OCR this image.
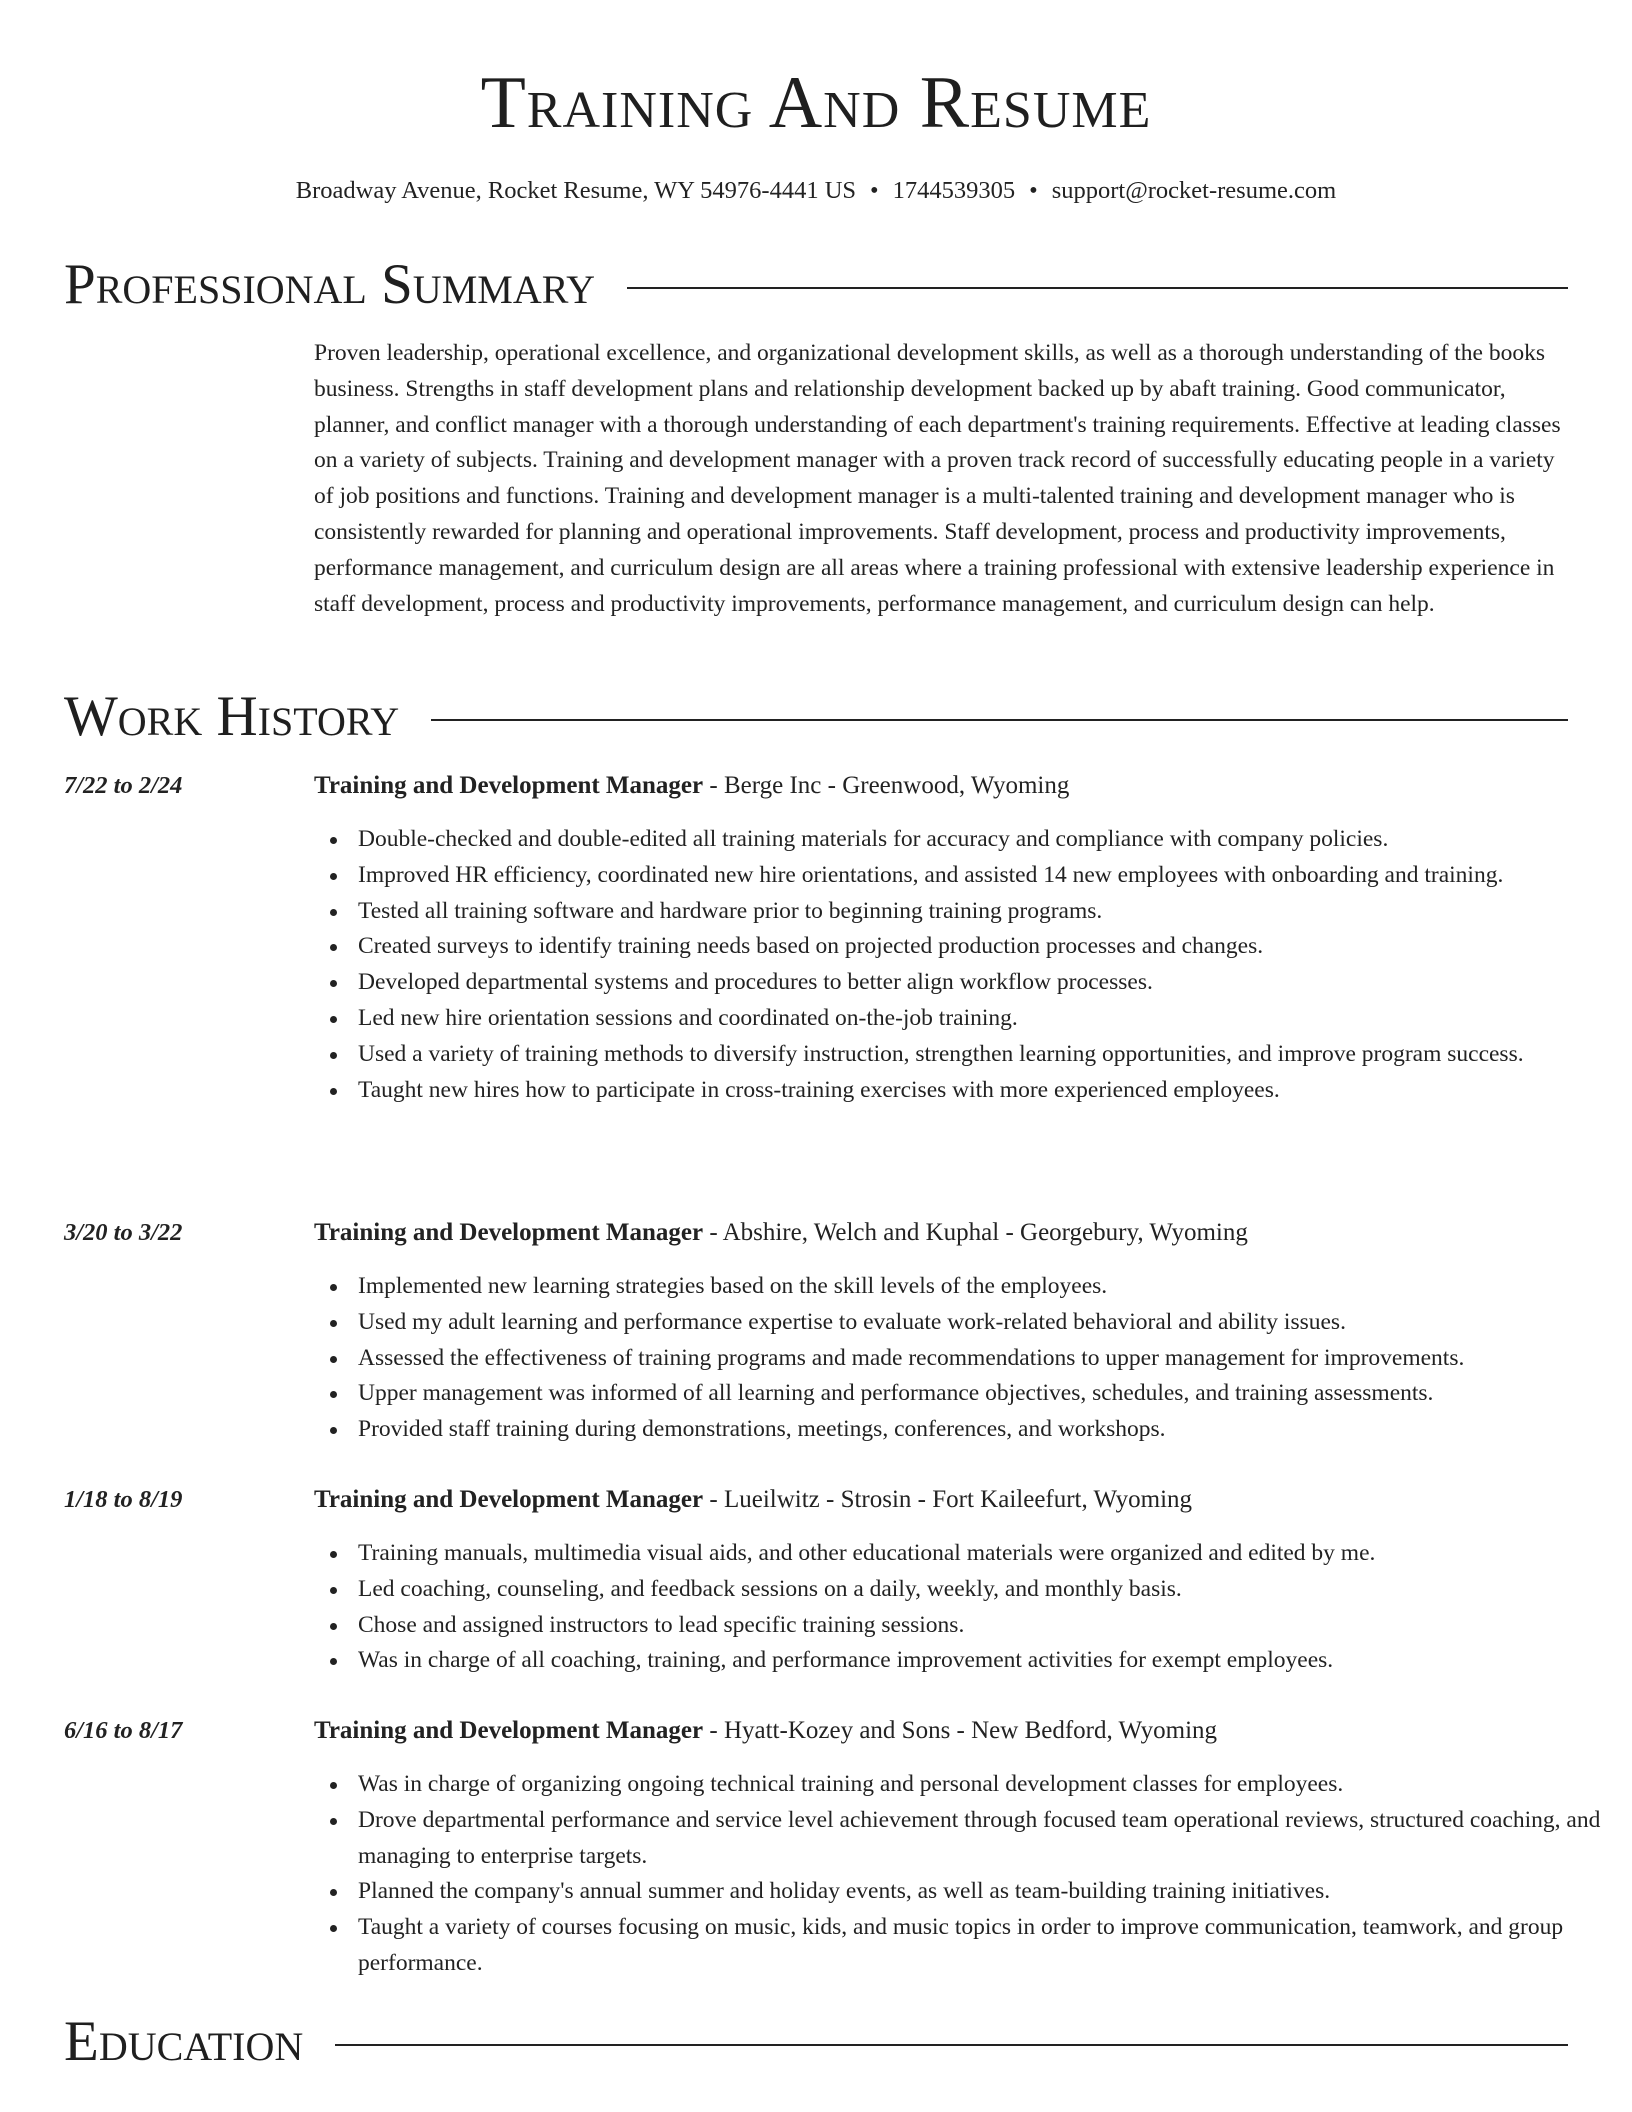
Training And Resume
Broadway Avenue, Rocket Resume, WY 54976-4441 US • 1744539305 • support@rocket-resume.com
Professional Summary
Proven leadership, operational excellence, and organizational development skills, as well as a thorough understanding of the books business. Strengths in staff development plans and relationship development backed up by abaft training. Good communicator, planner, and conflict manager with a thorough understanding of each department's training requirements. Effective at leading classes on a variety of subjects. Training and development manager with a proven track record of successfully educating people in a variety of job positions and functions. Training and development manager is a multi-talented training and development manager who is consistently rewarded for planning and operational improvements. Staff development, process and productivity improvements, performance management, and curriculum design are all areas where a training professional with extensive leadership experience in staff development, process and productivity improvements, performance management, and curriculum design can help.
Work History
7/22 to 2/24	Training and Development Manager - Berge Inc - Greenwood, Wyoming
Double-checked and double-edited all training materials for accuracy and compliance with company policies.
Improved HR efficiency, coordinated new hire orientations, and assisted 14 new employees with onboarding and training.
Tested all training software and hardware prior to beginning training programs.
Created surveys to identify training needs based on projected production processes and changes.
Developed departmental systems and procedures to better align workflow processes.
Led new hire orientation sessions and coordinated on-the-job training.
Used a variety of training methods to diversify instruction, strengthen learning opportunities, and improve program success.
Taught new hires how to participate in cross-training exercises with more experienced employees.
3/20 to 3/22	Training and Development Manager - Abshire, Welch and Kuphal - Georgebury, Wyoming
Implemented new learning strategies based on the skill levels of the employees.
Used my adult learning and performance expertise to evaluate work-related behavioral and ability issues.
Assessed the effectiveness of training programs and made recommendations to upper management for improvements.
Upper management was informed of all learning and performance objectives, schedules, and training assessments.
Provided staff training during demonstrations, meetings, conferences, and workshops.
1/18 to 8/19	Training and Development Manager - Lueilwitz - Strosin - Fort Kaileefurt, Wyoming
Training manuals, multimedia visual aids, and other educational materials were organized and edited by me.
Led coaching, counseling, and feedback sessions on a daily, weekly, and monthly basis.
Chose and assigned instructors to lead specific training sessions.
Was in charge of all coaching, training, and performance improvement activities for exempt employees.
6/16 to 8/17	Training and Development Manager - Hyatt-Kozey and Sons - New Bedford, Wyoming
Was in charge of organizing ongoing technical training and personal development classes for employees.
Drove departmental performance and service level achievement through focused team operational reviews, structured coaching, and managing to enterprise targets.
Planned the company's annual summer and holiday events, as well as team-building training initiatives.
Taught a variety of courses focusing on music, kids, and music topics in order to improve communication, teamwork, and group performance.
Education
